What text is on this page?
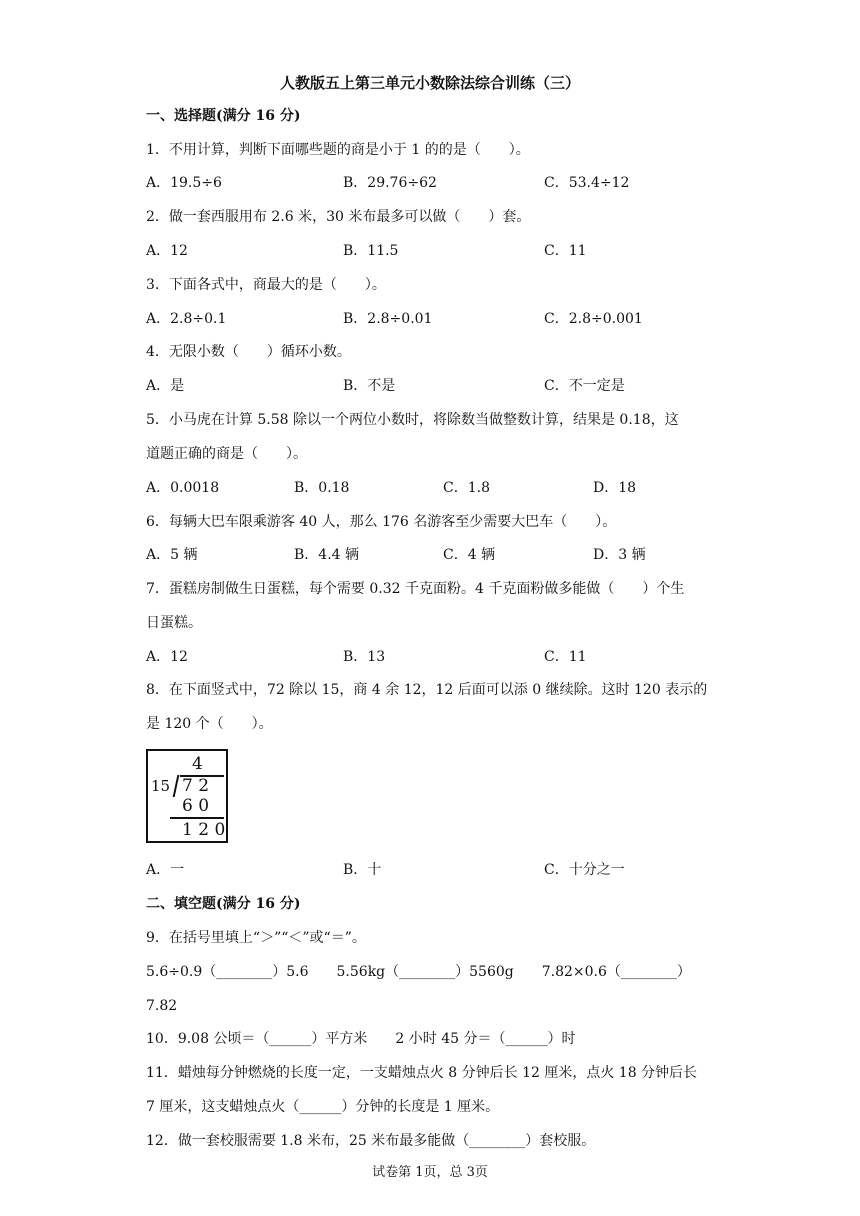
人教版五上第三单元小数除法综合训练（三）
一、选择题(满分 16 分)
1．不用计算，判断下面哪些题的商是小于 1 的的是（　　）。
A．19.5÷6	B．29.76÷62	C．53.4÷12
2．做一套西服用布 2.6 米，30 米布最多可以做（　　）套。
A．12	B．11.5	C．11
3．下面各式中，商最大的是（　　）。
A．2.8÷0.1	B．2.8÷0.01	C．2.8÷0.001
4．无限小数（　　）循环小数。
A．是	B．不是	C．不一定是
5．小马虎在计算 5.58 除以一个两位小数时，将除数当做整数计算，结果是 0.18，这
道题正确的商是（　　）。
A．0.0018	B．0.18	C．1.8	D．18
6．每辆大巴车限乘游客 40 人，那么 176 名游客至少需要大巴车（　　）。
A．5 辆	B．4.4 辆	C．4 辆	D．3 辆
7．蛋糕房制做生日蛋糕，每个需要 0.32 千克面粉。4 千克面粉做多能做（　　）个生
日蛋糕。
A．12	B．13	C．11
8．在下面竖式中，72 除以 15，商 4 余 12，12 后面可以添 0 继续除。这时 120 表示的
是 120 个（　　）。
4
15 7 2
6 0
1 2 0
A．一	B．十	C．十分之一
二、填空题(满分 16 分)
9．在括号里填上“＞”“＜”或“＝”。
5.6÷0.9（________）5.6　　5.56kg（________）5560g　　7.82×0.6（________）
7.82
10．9.08 公顷＝（______）平方米　　2 小时 45 分＝（______）时
11．蜡烛每分钟燃烧的长度一定，一支蜡烛点火 8 分钟后长 12 厘米，点火 18 分钟后长
7 厘米，这支蜡烛点火（______）分钟的长度是 1 厘米。
12．做一套校服需要 1.8 米布，25 米布最多能做（________）套校服。
试卷第 1页，总 3页
